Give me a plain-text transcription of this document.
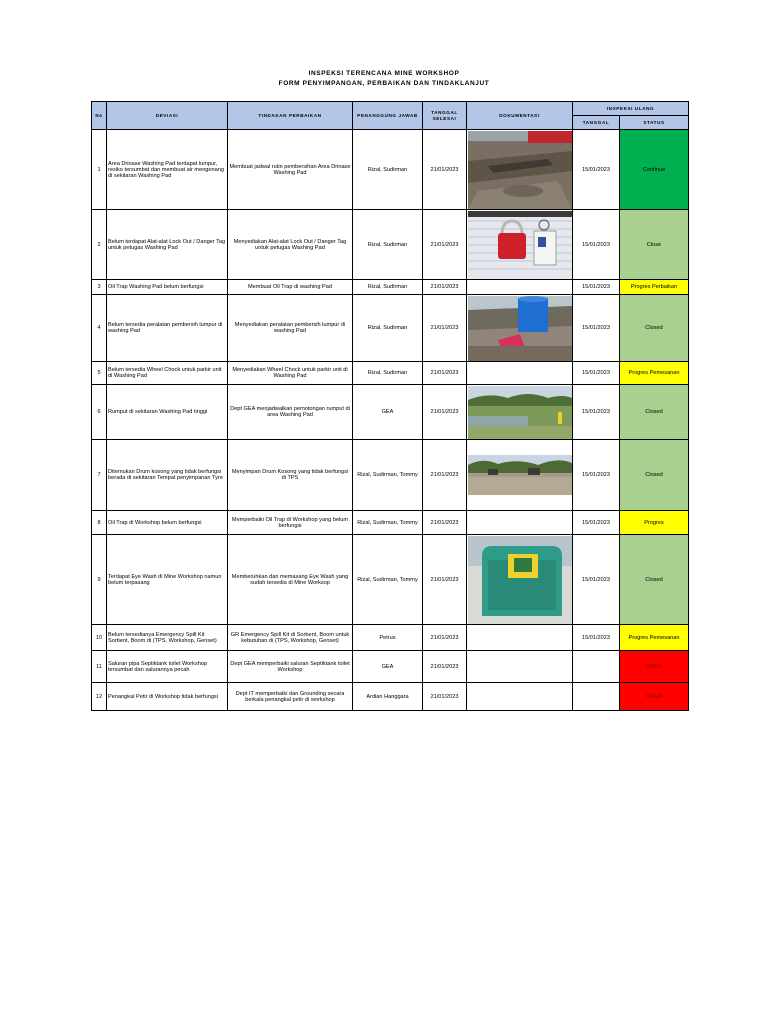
INSPEKSI TERENCANA MINE WORKSHOP
FORM PENYIMPANGAN, PERBAIKAN DAN TINDAKLANJUT
No	DEVIASI	TINDAKAN PERBAIKAN	PENANGGUNG JAWAB	TANGGAL SELESAI	DOKUMENTASI	INSPEKSI ULANG	
						TANGGAL	STATUS
1	Area Drinase Washing Pad terdapat lumpur, resiko tersumbat dan membuat air mengenang di sekitaran Washing Pad	Membuat jadwal rutin pembersihan Area Drinase Washing Pad	Rizal, Sudirman	21/01/2023		15/01/2023	Continue
2	Belum terdapat Alat-alat Lock Out / Danger Tag untuk petugas Washing Pad	Menyediakan Alat-alat Lock Out / Danger Tag untuk petugas Washing Pad	Rizal, Sudirman	21/01/2023		15/01/2023	Close
3	Oil Trap Washing Pad belum berfungsi	Membuat Oil Trap di washing Pad	Rizal, Sudirman	21/01/2023		15/01/2023	Progres Perbaikan
4	Belum tersedia peralatan pembersih lumpur di washing Pad	Menyediakan peralatan pembersih lumpur di washing Pad	Rizal, Sudirman	21/01/2023		15/01/2023	Closed
5	Belum tersedia Wheel Chock untuk parkir unit di Washing Pad	Menyediakan Wheel Chock untuk parkir unit di Washing Pad	Rizal, Sudirman	21/01/2023		15/01/2023	Progres Pemesanan
6	Rumput di sekitaran Washing Pad tinggi	Dept GEA menjadwalkan pemotongan rumput di area Washing Pad	GEA	21/01/2023		15/01/2023	Closed
7	Ditemukan Drum kosong yang tidak berfungsi berada di sekitaran Tempat penyimpanan Tyre	Menyimpan Drum Kosong yang tidak berfungsi di TPS	Rizal, Sudirman, Tommy	21/01/2023		15/01/2023	Closed
8	Oil Trap di Workshop belum berfungsi	Memperbaiki Oil Trap di Workshop yang belum berfungsi	Rizal, Sudirman, Tommy	21/01/2023		15/01/2023	Progres
9	Terdapat Eye Wash di Mine Workshop namun belum terpasang	Memberuhkan dan memasang Eye Wash yang sudah tersedia di Mine Worksop	Rizal, Sudirman, Tommy	21/01/2023		15/01/2023	Closed
10	Belum tersedianya Emergency Spill Kit Sorbent, Boom di (TPS, Workshop, Genset)	GR Emergency Spill Kit di Sorbent, Boom untuk kebutuhan di (TPS, Workshop, Genset)	Petrus	21/01/2023		15/01/2023	Progres Pemesanan
11	Saluran pipa Septiktank toilet Workshop tersumbat dan salurannya pecah	Dept GEA memperbaiki saluran Septiktank toilet Workshop	GEA	21/01/2023			OPEN
12	Penangkal Petir di Workshop tidak berfungsi	Dept IT memperbaiki dan Grounding secara berkala penangkal petir di workshop	Ardian Hanggara	21/01/2023			OPEN
